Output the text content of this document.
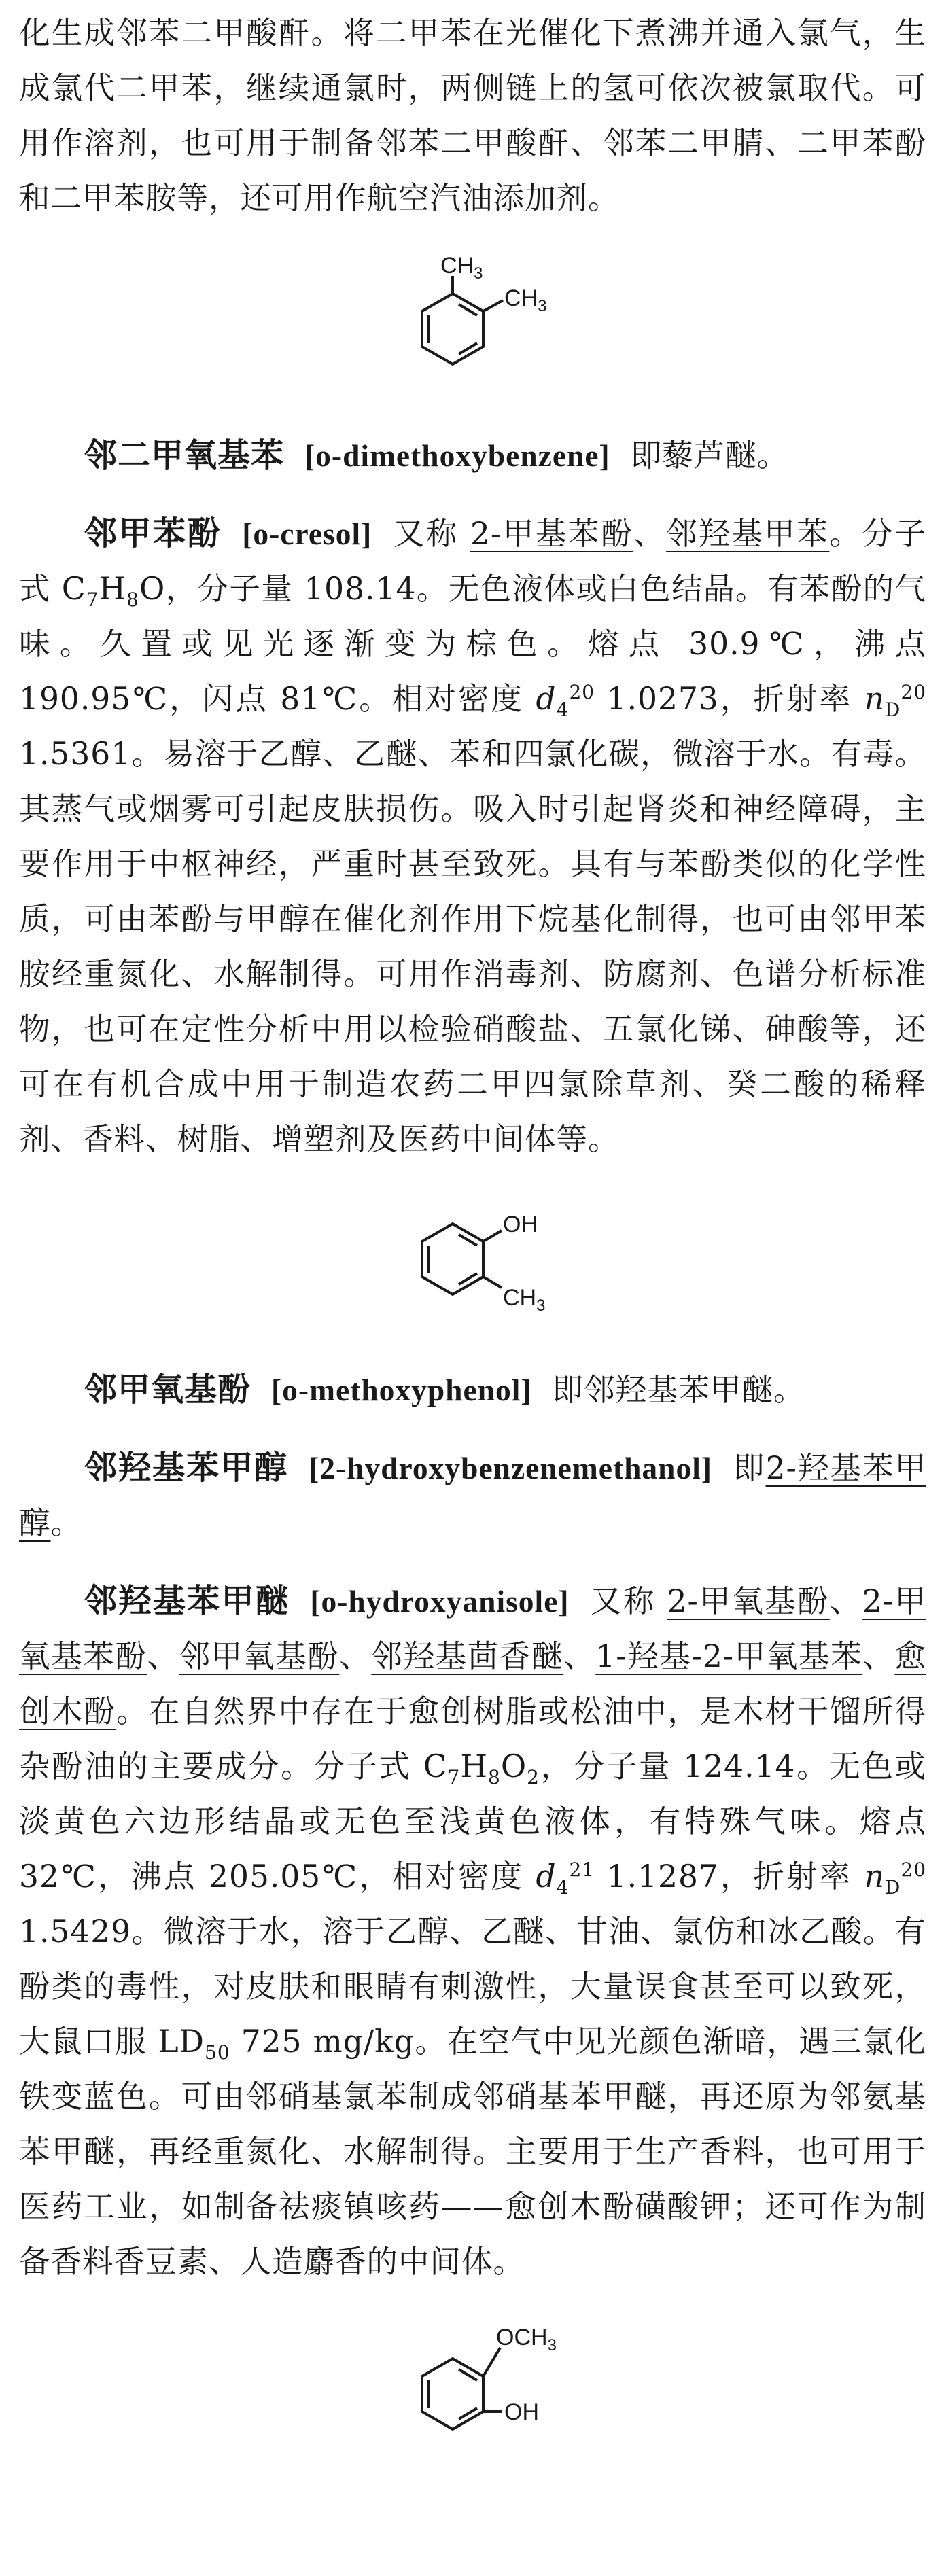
化生成邻苯二甲酸酐。将二甲苯在光催化下煮沸并通入氯气，生成氯代二甲苯，继续通氯时，两侧链上的氢可依次被氯取代。可用作溶剂，也可用于制备邻苯二甲酸酐、邻苯二甲腈、二甲苯酚和二甲苯胺等，还可用作航空汽油添加剂。

$CH_3$
$CH_3$

邻二甲氧基苯 [o-dimethoxybenzene] 即藜芦醚。

邻甲苯酚 [o-cresol] 又称 2-甲基苯酚、邻羟基甲苯。分子式 $C_7H_8O$，分子量 108.14。无色液体或白色结晶。有苯酚的气味。久置或见光逐渐变为棕色。熔点 30.9℃，沸点 190.95℃，闪点 81℃。相对密度 $d_4^{20}$ 1.0273，折射率 $n_D^{20}$ 1.5361。易溶于乙醇、乙醚、苯和四氯化碳，微溶于水。有毒。其蒸气或烟雾可引起皮肤损伤。吸入时引起肾炎和神经障碍，主要作用于中枢神经，严重时甚至致死。具有与苯酚类似的化学性质，可由苯酚与甲醇在催化剂作用下烷基化制得，也可由邻甲苯胺经重氮化、水解制得。可用作消毒剂、防腐剂、色谱分析标准物，也可在定性分析中用以检验硝酸盐、五氯化锑、砷酸等，还可在有机合成中用于制造农药二甲四氯除草剂、癸二酸的稀释剂、香料、树脂、增塑剂及医药中间体等。

OH
$CH_3$

邻甲氧基酚 [o-methoxyphenol] 即邻羟基苯甲醚。

邻羟基苯甲醇 [2-hydroxybenzenemethanol] 即2-羟基苯甲醇。

邻羟基苯甲醚 [o-hydroxyanisole] 又称 2-甲氧基酚、2-甲氧基苯酚、邻甲氧基酚、邻羟基茴香醚、1-羟基-2-甲氧基苯、愈创木酚。在自然界中存在于愈创树脂或松油中，是木材干馏所得杂酚油的主要成分。分子式 $C_7H_8O_2$，分子量 124.14。无色或淡黄色六边形结晶或无色至浅黄色液体，有特殊气味。熔点 32℃，沸点 205.05℃，相对密度 $d_4^{21}$ 1.1287，折射率 $n_D^{20}$ 1.5429。微溶于水，溶于乙醇、乙醚、甘油、氯仿和冰乙酸。有酚类的毒性，对皮肤和眼睛有刺激性，大量误食甚至可以致死，大鼠口服 $LD_{50}$ 725 mg/kg。在空气中见光颜色渐暗，遇三氯化铁变蓝色。可由邻硝基氯苯制成邻硝基苯甲醚，再还原为邻氨基苯甲醚，再经重氮化、水解制得。主要用于生产香料，也可用于医药工业，如制备祛痰镇咳药——愈创木酚磺酸钾；还可作为制备香料香豆素、人造麝香的中间体。

$OCH_3$
OH
